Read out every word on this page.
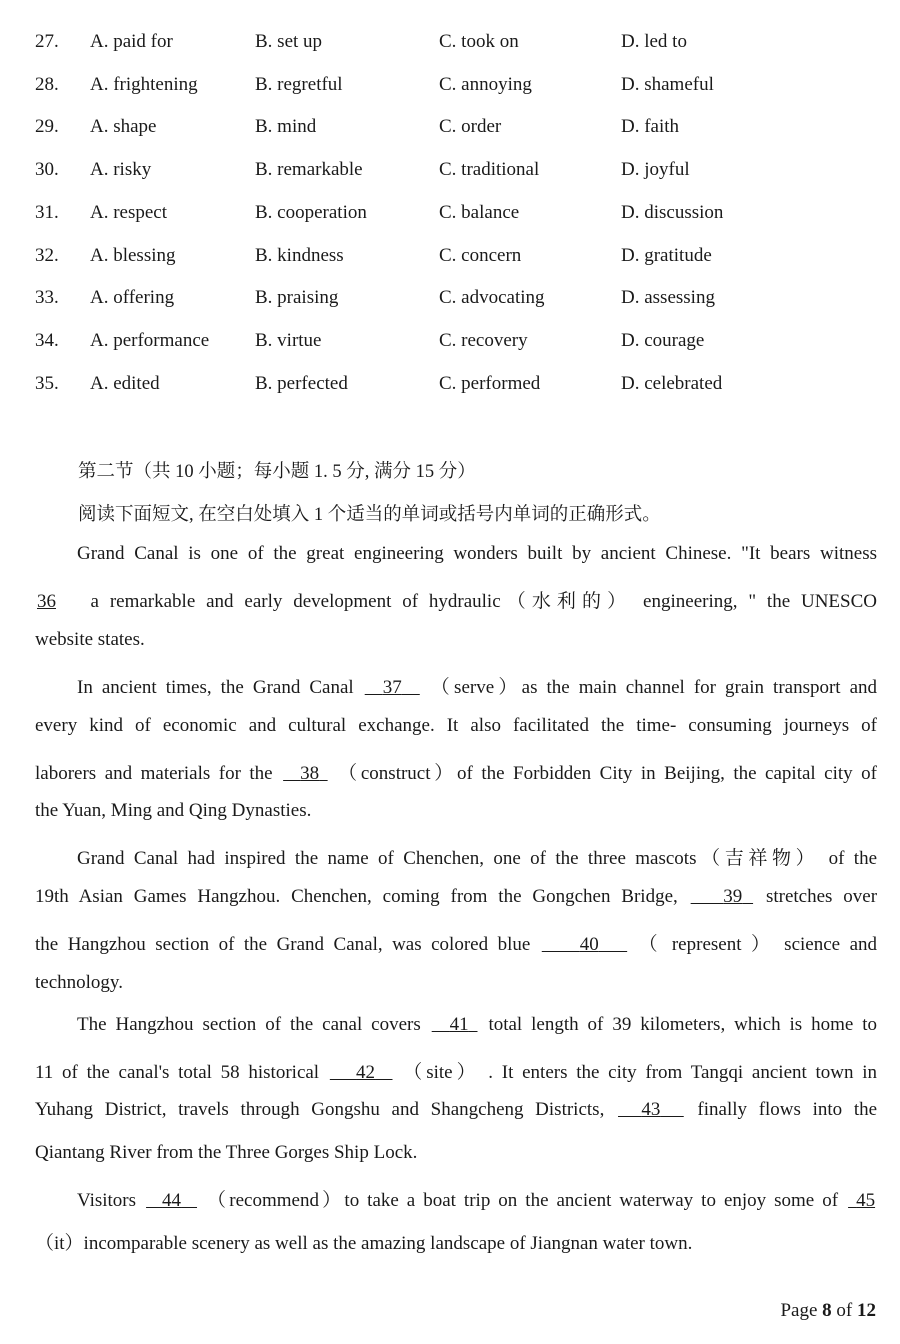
27. A. paid for	B. set up	C. took on	D. led to
28. A. frightening	B. regretful	C. annoying	D. shameful
29. A. shape	B. mind	C. order	D. faith
30. A. risky	B. remarkable	C. traditional	D. joyful
31. A. respect	B. cooperation	C. balance	D. discussion
32. A. blessing	B. kindness	C. concern	D. gratitude
33. A. offering	B. praising	C. advocating	D. assessing
34. A. performance B. virtue	C. recovery	D. courage
35. A. edited	B. perfected	C. performed	D. celebrated
第二节（共 10 小题；每小题 1. 5 分, 满分 15 分）
阅读下面短文, 在空白处填入 1 个适当的单词或括号内单词的正确形式。
Grand Canal is one of the great engineering wonders built by ancient Chinese. "It bears witness
36 a remarkable and early development of hydraulic（水利的） engineering, " the UNESCO
website states.
In ancient times, the Grand Canal 37 （serve）as the main channel for grain transport and
every kind of economic and cultural exchange. It also facilitated the time- consuming journeys of
laborers and materials for the 38 （construct）of the Forbidden City in Beijing, the capital city of
the Yuan, Ming and Qing Dynasties.
Grand Canal had inspired the name of Chenchen, one of the three mascots（吉祥物） of the
19th Asian Games Hangzhou. Chenchen, coming from the Gongchen Bridge, 39 stretches over
the Hangzhou section of the Grand Canal, was colored blue	40 （ represent ） science and
technology.
The Hangzhou section of the canal covers 41 total length of 39 kilometers, which is home to
11 of the canal's total 58 historical 42 （site） . It enters the city from Tangqi ancient town in
Yuhang District, travels through Gongshu and Shangcheng Districts, 43 finally flows into the
Qiantang River from the Three Gorges Ship Lock.
Visitors 44 （recommend）to take a boat trip on the ancient waterway to enjoy some of 45
（it）incomparable scenery as well as the amazing landscape of Jiangnan water town.
Page 8 of 12
